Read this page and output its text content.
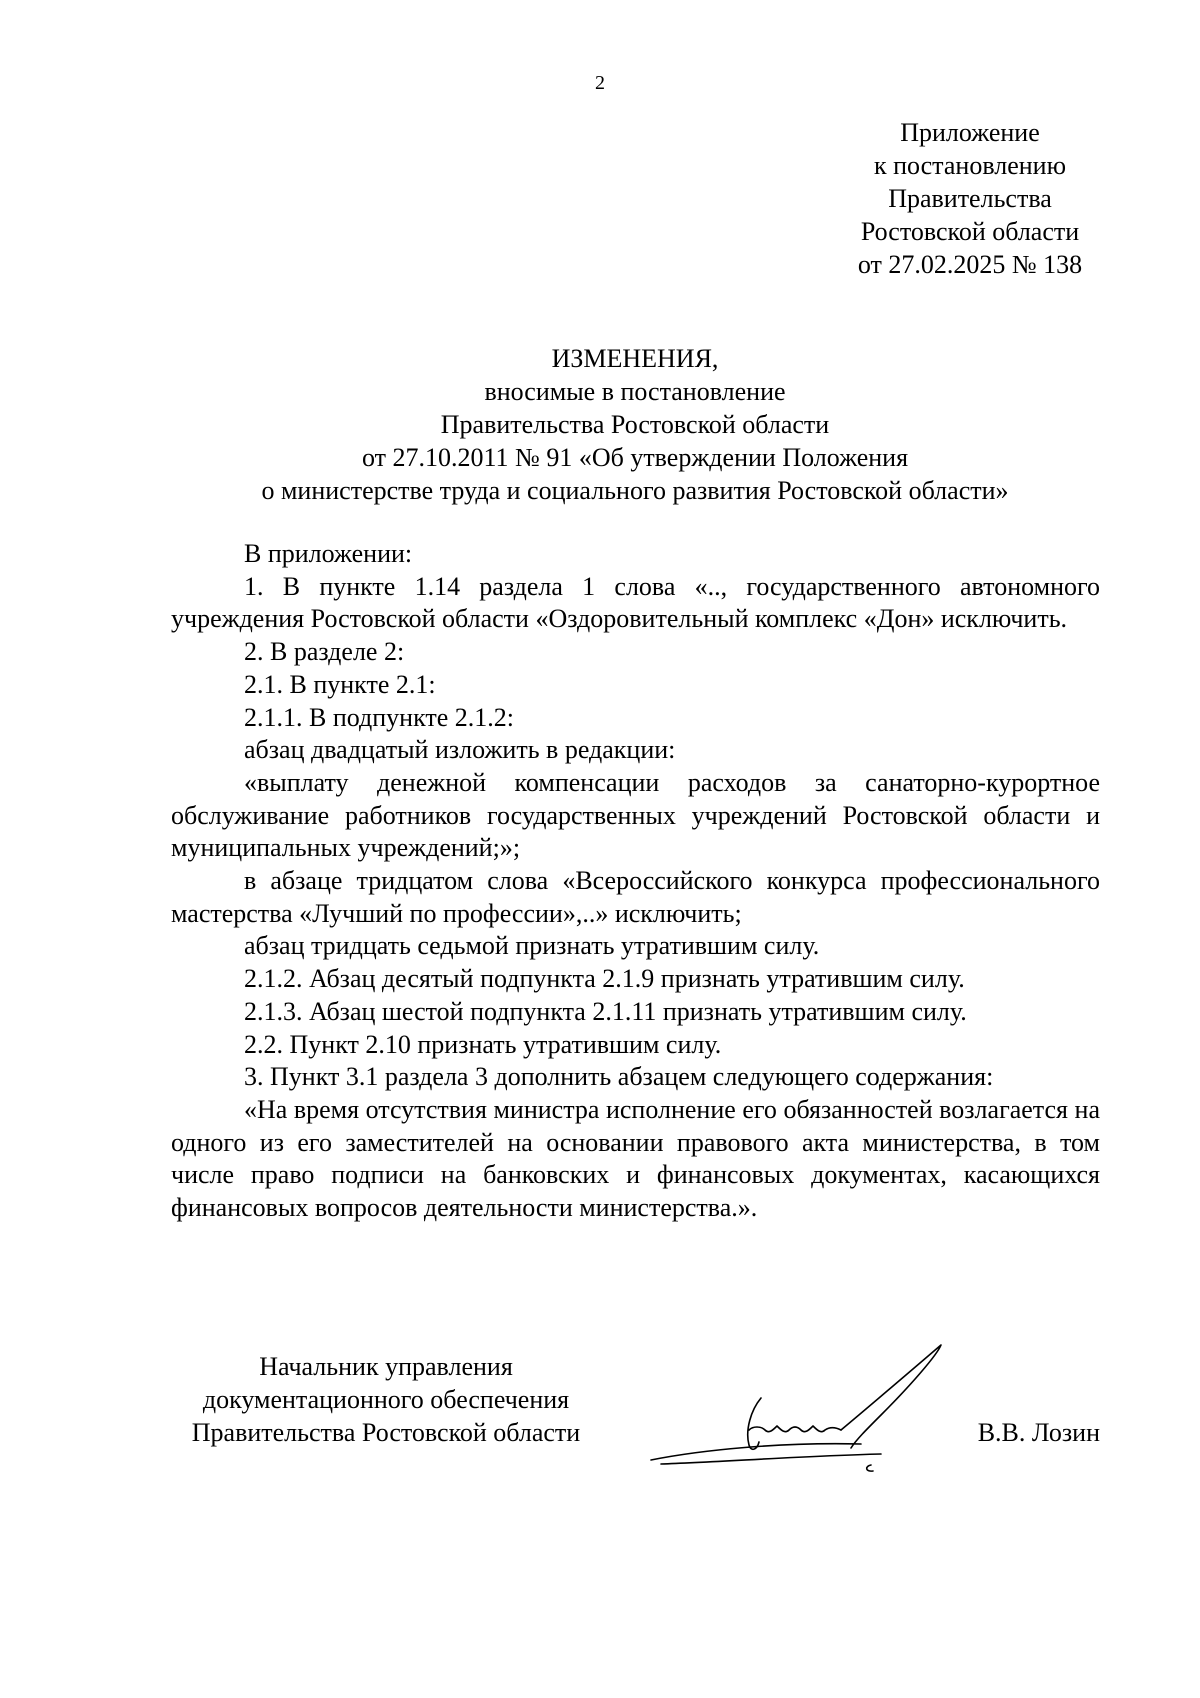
2
Приложение
к постановлению
Правительства
Ростовской области
от 27.02.2025 № 138
ИЗМЕНЕНИЯ,
вносимые в постановление
Правительства Ростовской области
от 27.10.2011 № 91 «Об утверждении Положения
о министерстве труда и социального развития Ростовской области»

В приложении:

1. В пункте 1.14 раздела 1 слова «.., государственного автономного учреждения Ростовской области «Оздоровительный комплекс «Дон» исключить.

2. В разделе 2:

2.1. В пункте 2.1:

2.1.1. В подпункте 2.1.2:

абзац двадцатый изложить в редакции:

«выплату денежной компенсации расходов за санаторно-курортное обслуживание работников государственных учреждений Ростовской области и муниципальных учреждений;»;

в абзаце тридцатом слова «Всероссийского конкурса профессионального мастерства «Лучший по профессии»,..» исключить;

абзац тридцать седьмой признать утратившим силу.

2.1.2. Абзац десятый подпункта 2.1.9 признать утратившим силу.

2.1.3. Абзац шестой подпункта 2.1.11 признать утратившим силу.

2.2. Пункт 2.10 признать утратившим силу.

3. Пункт 3.1 раздела 3 дополнить абзацем следующего содержания:

«На время отсутствия министра исполнение его обязанностей возлагается на одного из его заместителей на основании правового акта министерства, в том числе право подписи на банковских и финансовых документах, касающихся финансовых вопросов деятельности министерства.».

Начальник управления
документационного обеспечения
Правительства Ростовской области	В.В. Лозин
